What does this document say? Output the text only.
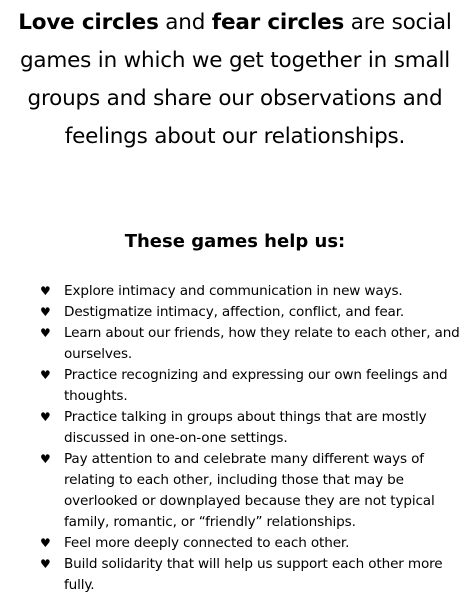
Love circles and fear circles are social games in which we get together in small groups and share our observations and feelings about our relationships.

These games help us:
♥ Explore intimacy and communication in new ways.
♥ Destigmatize intimacy, affection, conflict, and fear.
♥ Learn about our friends, how they relate to each other, and ourselves.
♥ Practice recognizing and expressing our own feelings and thoughts.
♥ Practice talking in groups about things that are mostly discussed in one-on-one settings.
♥ Pay attention to and celebrate many different ways of relating to each other, including those that may be overlooked or downplayed because they are not typical family, romantic, or “friendly” relationships.
♥ Feel more deeply connected to each other.
♥ Build solidarity that will help us support each other more fully.
